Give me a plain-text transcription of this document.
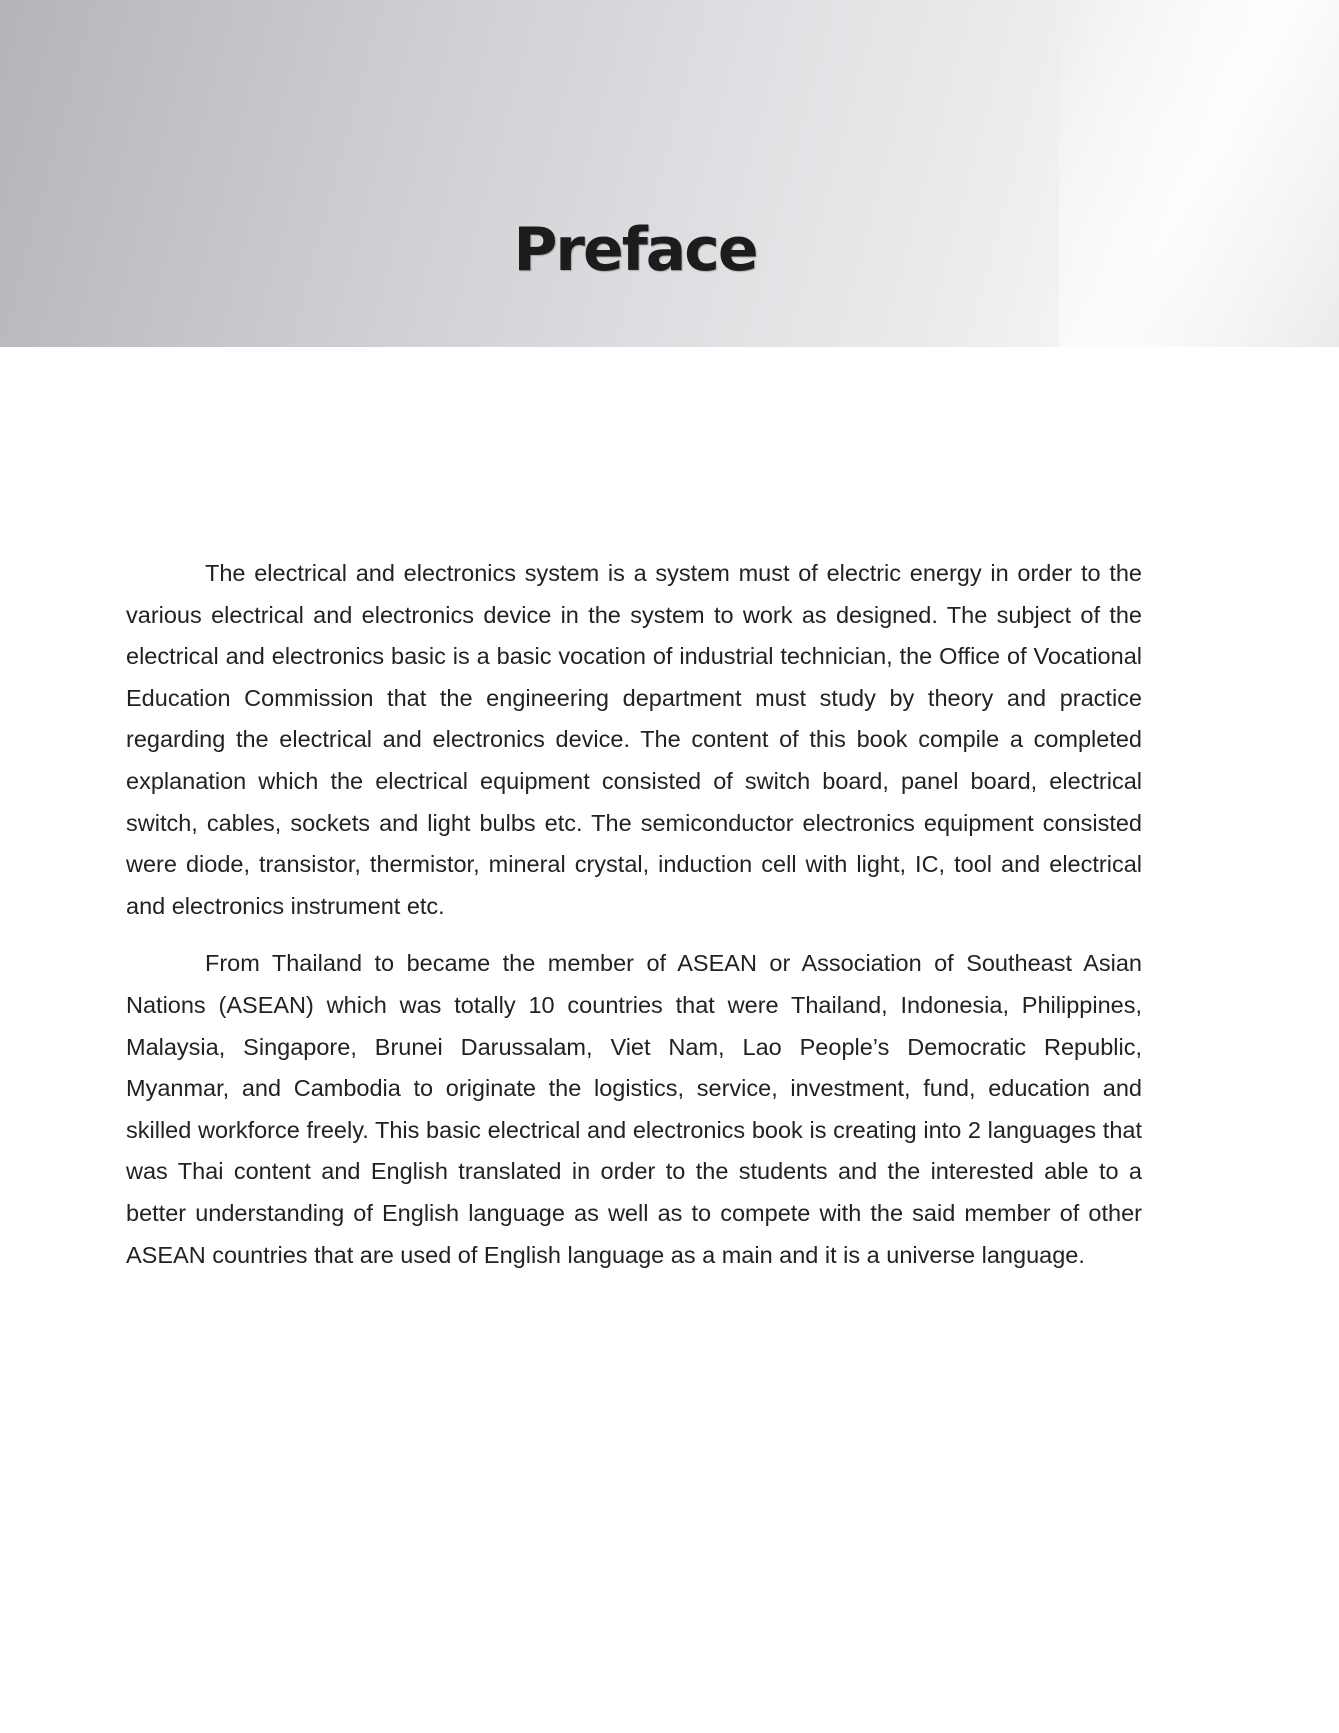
Preface

The electrical and electronics system is a system must of electric energy in order to the various electrical and electronics device in the system to work as designed. The subject of the electrical and electronics basic is a basic vocation of industrial technician, the Office of Vocational Education Commission that the engineering department must study by theory and practice regarding the electrical and electronics device. The content of this book compile a completed explanation which the electrical equipment consisted of switch board, panel board, electrical switch, cables, sockets and light bulbs etc. The semiconductor electronics equipment consisted were diode, transistor, thermistor, mineral crystal, induction cell with light, IC, tool and electrical and electronics instrument etc.

From Thailand to became the member of ASEAN or Association of Southeast Asian Nations (ASEAN) which was totally 10 countries that were Thailand, Indonesia, Philippines, Malaysia, Singapore, Brunei Darussalam, Viet Nam, Lao People’s Democratic Republic, Myanmar, and Cambodia to originate the logistics, service, investment, fund, education and skilled workforce freely. This basic electrical and electronics book is creating into 2 languages that was Thai content and English translated in order to the students and the interested able to a better understanding of English language as well as to compete with the said member of other ASEAN countries that are used of English language as a main and it is a universe language.
